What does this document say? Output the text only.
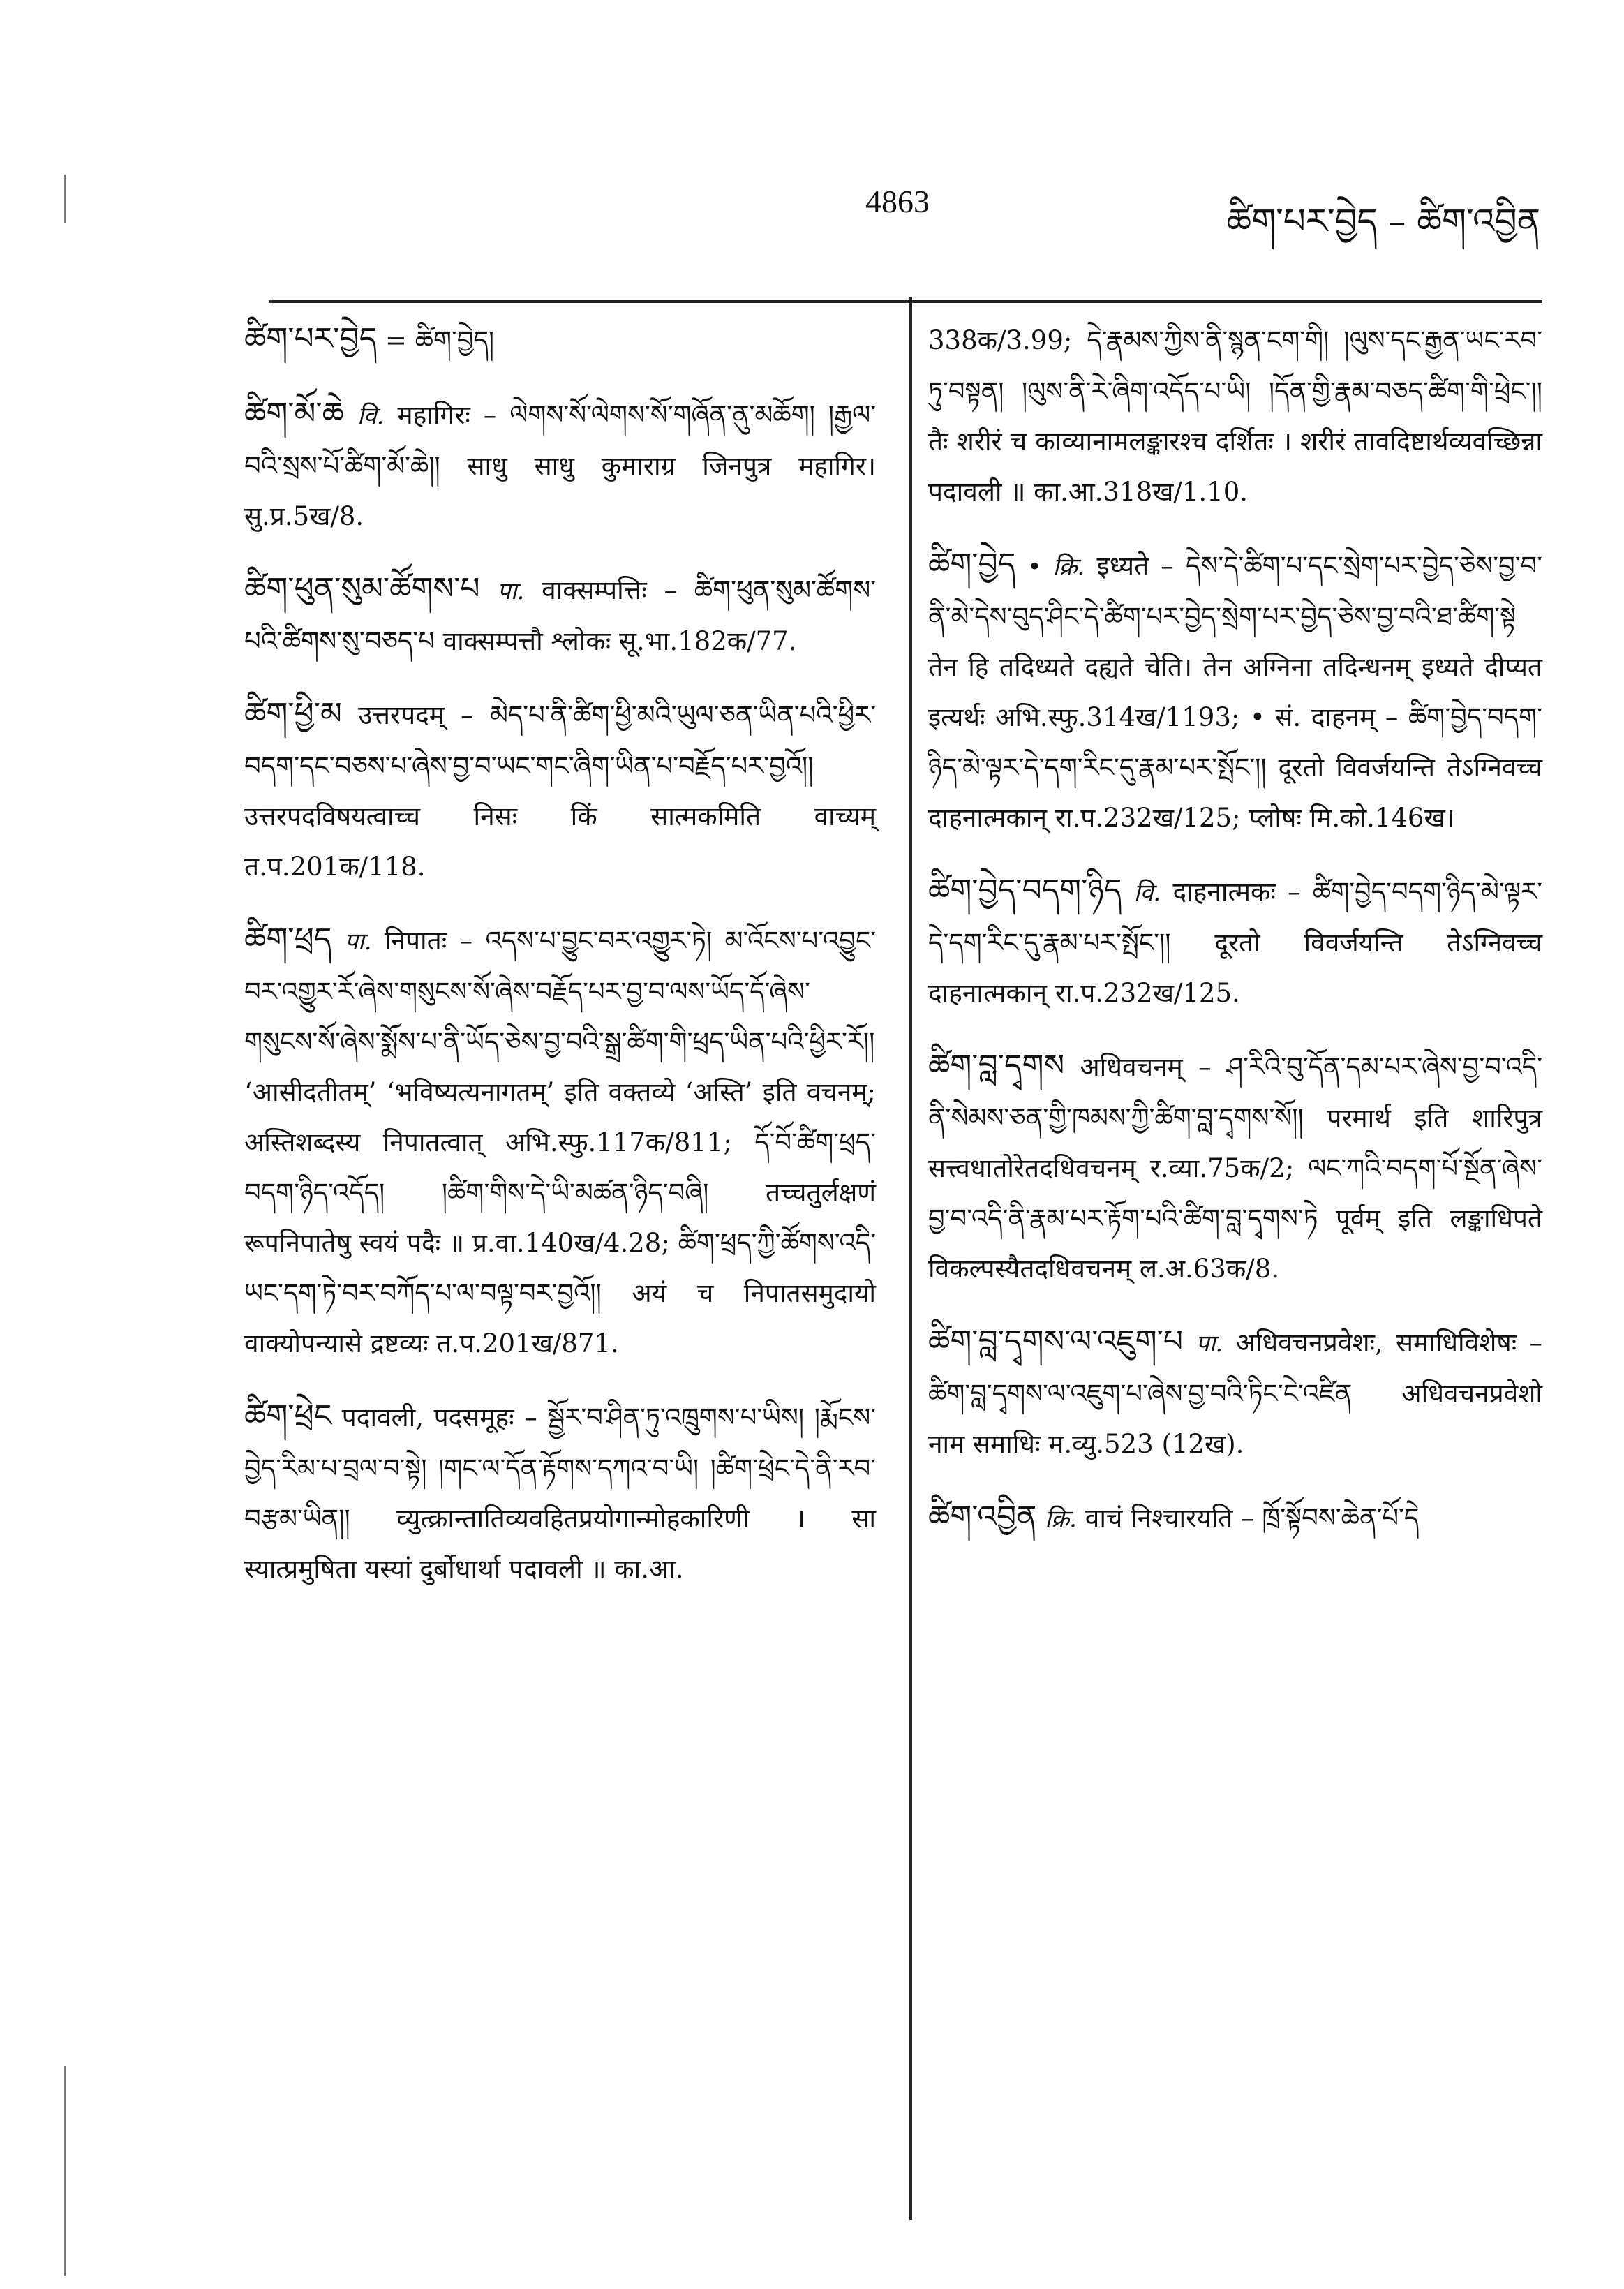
4863	ཚིག་པར་བྱེད – ཚིག་འབྱིན

ཚིག་པར་བྱེད = ཚིག་བྱེད།

ཚིག་མོ་ཆེ वि. महागिरः – ལེགས་སོ་ལེགས་སོ་གཞོན་ནུ་མཆོག། །རྒྱལ་བའི་སྲས་པོ་ཚིག་མོ་ཆེ།། साधु साधु कुमाराग्र जिनपुत्र महागिर। सु.प्र.5ख/8.

ཚིག་ཕུན་སུམ་ཚོགས་པ पा. वाक्सम्पत्तिः – ཚིག་ཕུན་སུམ་ཚོགས་པའི་ཚིགས་སུ་བཅད་པ वाक्सम्पत्तौ श्लोकः सू.भा.182क/77.

ཚིག་ཕྱི་མ उत्तरपदम् – མེད་པ་ནི་ཚིག་ཕྱི་མའི་ཡུལ་ཅན་ཡིན་པའི་ཕྱིར་བདག་དང་བཅས་པ་ཞེས་བྱ་བ་ཡང་གང་ཞིག་ཡིན་པ་བརྗོད་པར་བྱའོ།། उत्तरपदविषयत्वाच्च निसः किं सात्मकमिति वाच्यम् त.प.201क/118.

ཚིག་ཕྲད पा. निपातः – འདས་པ་བྱུང་བར་འགྱུར་ཏེ། མ་འོངས་པ་འབྱུང་བར་འགྱུར་རོ་ཞེས་གསུངས་སོ་ཞེས་བརྗོད་པར་བྱ་བ་ལས་ཡོད་དོ་ཞེས་གསུངས་སོ་ཞེས་སྨོས་པ་ནི་ཡོད་ཅེས་བྱ་བའི་སྒྲ་ཚིག་གི་ཕྲད་ཡིན་པའི་ཕྱིར་རོ།། ‘आसीदतीतम्’ ‘भविष्यत्यनागतम्’ इति वक्तव्ये ‘अस्ति’ इति वचनम्; अस्तिशब्दस्य निपातत्वात् अभि.स्फु.117क/811; དོ་བོ་ཚིག་ཕྲད་བདག་ཉིད་འདོད། །ཚིག་གིས་དེ་ཡི་མཚན་ཉིད་བཞི། तच्चतुर्लक्षणं रूपनिपातेषु स्वयं पदैः ॥ प्र.वा.140ख/4.28; ཚིག་ཕྲད་ཀྱི་ཚོགས་འདི་ཡང་དག་ཏེ་བར་བཀོད་པ་ལ་བལྟ་བར་བྱའོ།། अयं च निपातसमुदायो वाक्योपन्यासे द्रष्टव्यः त.प.201ख/871.

ཚིག་ཕྲེང पदावली, पदसमूहः – སྦྱོར་བ་ཤིན་ཏུ་འཁྲུགས་པ་ཡིས། །རྨོངས་བྱེད་རིམ་པ་བྲལ་བ་སྟེ། །གང་ལ་དོན་རྟོགས་དཀའ་བ་ཡི། །ཚིག་ཕྲེང་དེ་ནི་རབ་བརྩམ་ཡིན།། व्युत्क्रान्तातिव्यवहितप्रयोगान्मोहकारिणी । सा स्यात्प्रमुषिता यस्यां दुर्बोधार्था पदावली ॥ का.आ.

338क/3.99; དེ་རྣམས་ཀྱིས་ནི་སྙན་ངག་གི། །ལུས་དང་རྒྱན་ཡང་རབ་ཏུ་བསྟན། །ལུས་ནི་རེ་ཞིག་འདོད་པ་ཡི། །དོན་གྱི་རྣམ་བཅད་ཚིག་གི་ཕྲེང་།། तैः शरीरं च काव्यानामलङ्कारश्च दर्शितः । शरीरं तावदिष्टार्थव्यवच्छिन्ना पदावली ॥ का.आ.318ख/1.10.

ཚིག་བྱེད • क्रि. इध्यते – དེས་དེ་ཚིག་པ་དང་སྲེག་པར་བྱེད་ཅེས་བྱ་བ་ནི་མེ་དེས་བུད་ཤིང་དེ་ཚིག་པར་བྱེད་སྲེག་པར་བྱེད་ཅེས་བྱ་བའི་ཐ་ཚིག་སྟེ तेन हि तदिध्यते दह्यते चेति। तेन अग्निना तदिन्धनम् इध्यते दीप्यत इत्यर्थः अभि.स्फु.314ख/1193; • सं. दाहनम् – ཚིག་བྱེད་བདག་ཉིད་མེ་ལྟར་དེ་དག་རིང་དུ་རྣམ་པར་སྤོང་།། दूरतो विवर्जयन्ति तेऽग्निवच्च दाहनात्मकान् रा.प.232ख/125; प्लोषः मि.को.146ख।

ཚིག་བྱེད་བདག་ཉིད वि. दाहनात्मकः – ཚིག་བྱེད་བདག་ཉིད་མེ་ལྟར་དེ་དག་རིང་དུ་རྣམ་པར་སྤོང་།། दूरतो विवर्जयन्ति तेऽग्निवच्च दाहनात्मकान् रा.प.232ख/125.

ཚིག་བླ་དྭགས अधिवचनम् – ཤ་རིའི་བུ་དོན་དམ་པར་ཞེས་བྱ་བ་འདི་ནི་སེམས་ཅན་གྱི་ཁམས་ཀྱི་ཚིག་བླ་དྭགས་སོ།། परमार्थ इति शारिपुत्र सत्त्वधातोरेतदधिवचनम् र.व्या.75क/2; ལང་ཀའི་བདག་པོ་སྔོན་ཞེས་བྱ་བ་འདི་ནི་རྣམ་པར་རྟོག་པའི་ཚིག་བླ་དྭགས་ཏེ पूर्वम् इति लङ्काधिपते विकल्पस्यैतदधिवचनम् ल.अ.63क/8.

ཚིག་བླ་དྭགས་ལ་འཇུག་པ पा. अधिवचनप्रवेशः, समाधिविशेषः – ཚིག་བླ་དྭགས་ལ་འཇུག་པ་ཞེས་བྱ་བའི་ཏིང་ངེ་འཛིན अधिवचनप्रवेशो नाम समाधिः म.व्यु.523 (12ख).

ཚིག་འབྱིན क्रि. वाचं निश्चारयति – ཁྲོ་སྟོབས་ཆེན་པོ་དེ
